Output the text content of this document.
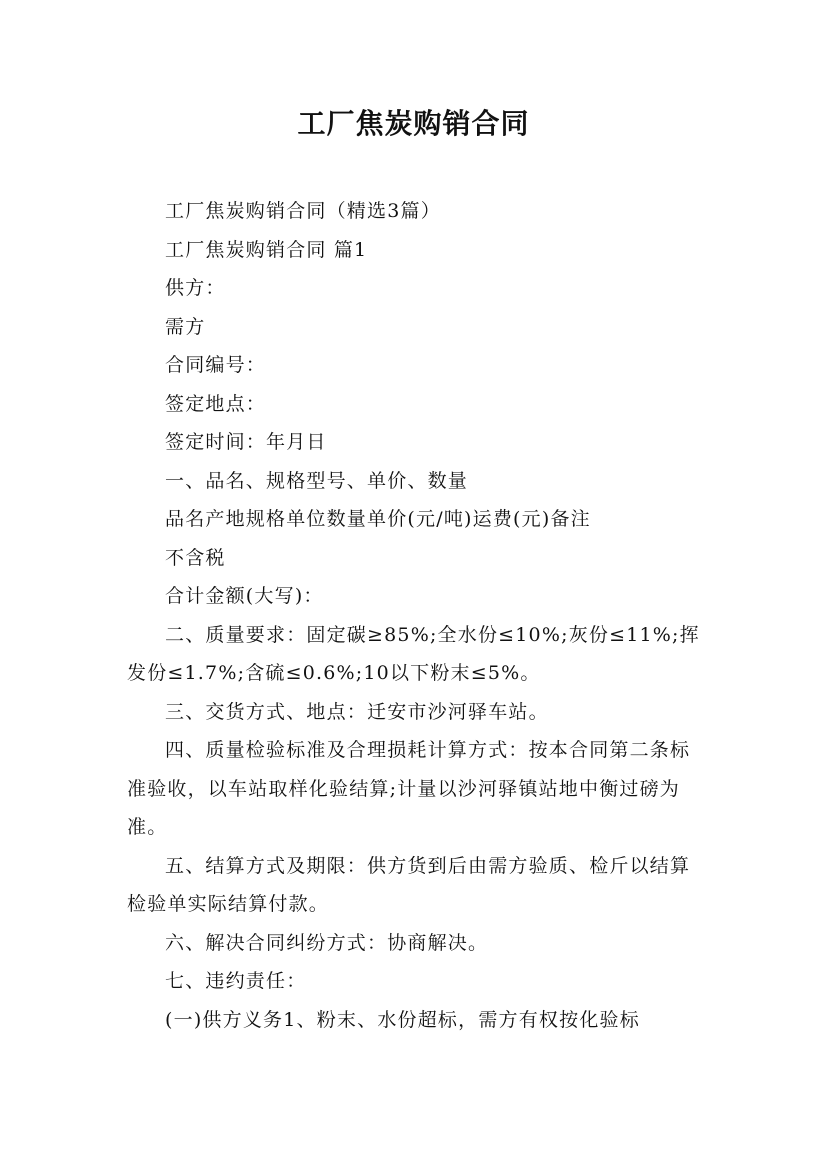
工厂焦炭购销合同

工厂焦炭购销合同（精选3篇）

工厂焦炭购销合同 篇1

供方：

需方

合同编号：

签定地点：

签定时间：年月日

一、品名、规格型号、单价、数量

品名产地规格单位数量单价(元/吨)运费(元)备注

不含税

合计金额(大写)：

二、质量要求：固定碳≥85%;全水份≤10%;灰份≤11%;挥发份≤1.7%;含硫≤0.6%;10以下粉末≤5%。

三、交货方式、地点：迁安市沙河驿车站。

四、质量检验标准及合理损耗计算方式：按本合同第二条标准验收，以车站取样化验结算;计量以沙河驿镇站地中衡过磅为准。

五、结算方式及期限：供方货到后由需方验质、检斤以结算检验单实际结算付款。

六、解决合同纠纷方式：协商解决。

七、违约责任：

(一)供方义务1、粉末、水份超标，需方有权按化验标
